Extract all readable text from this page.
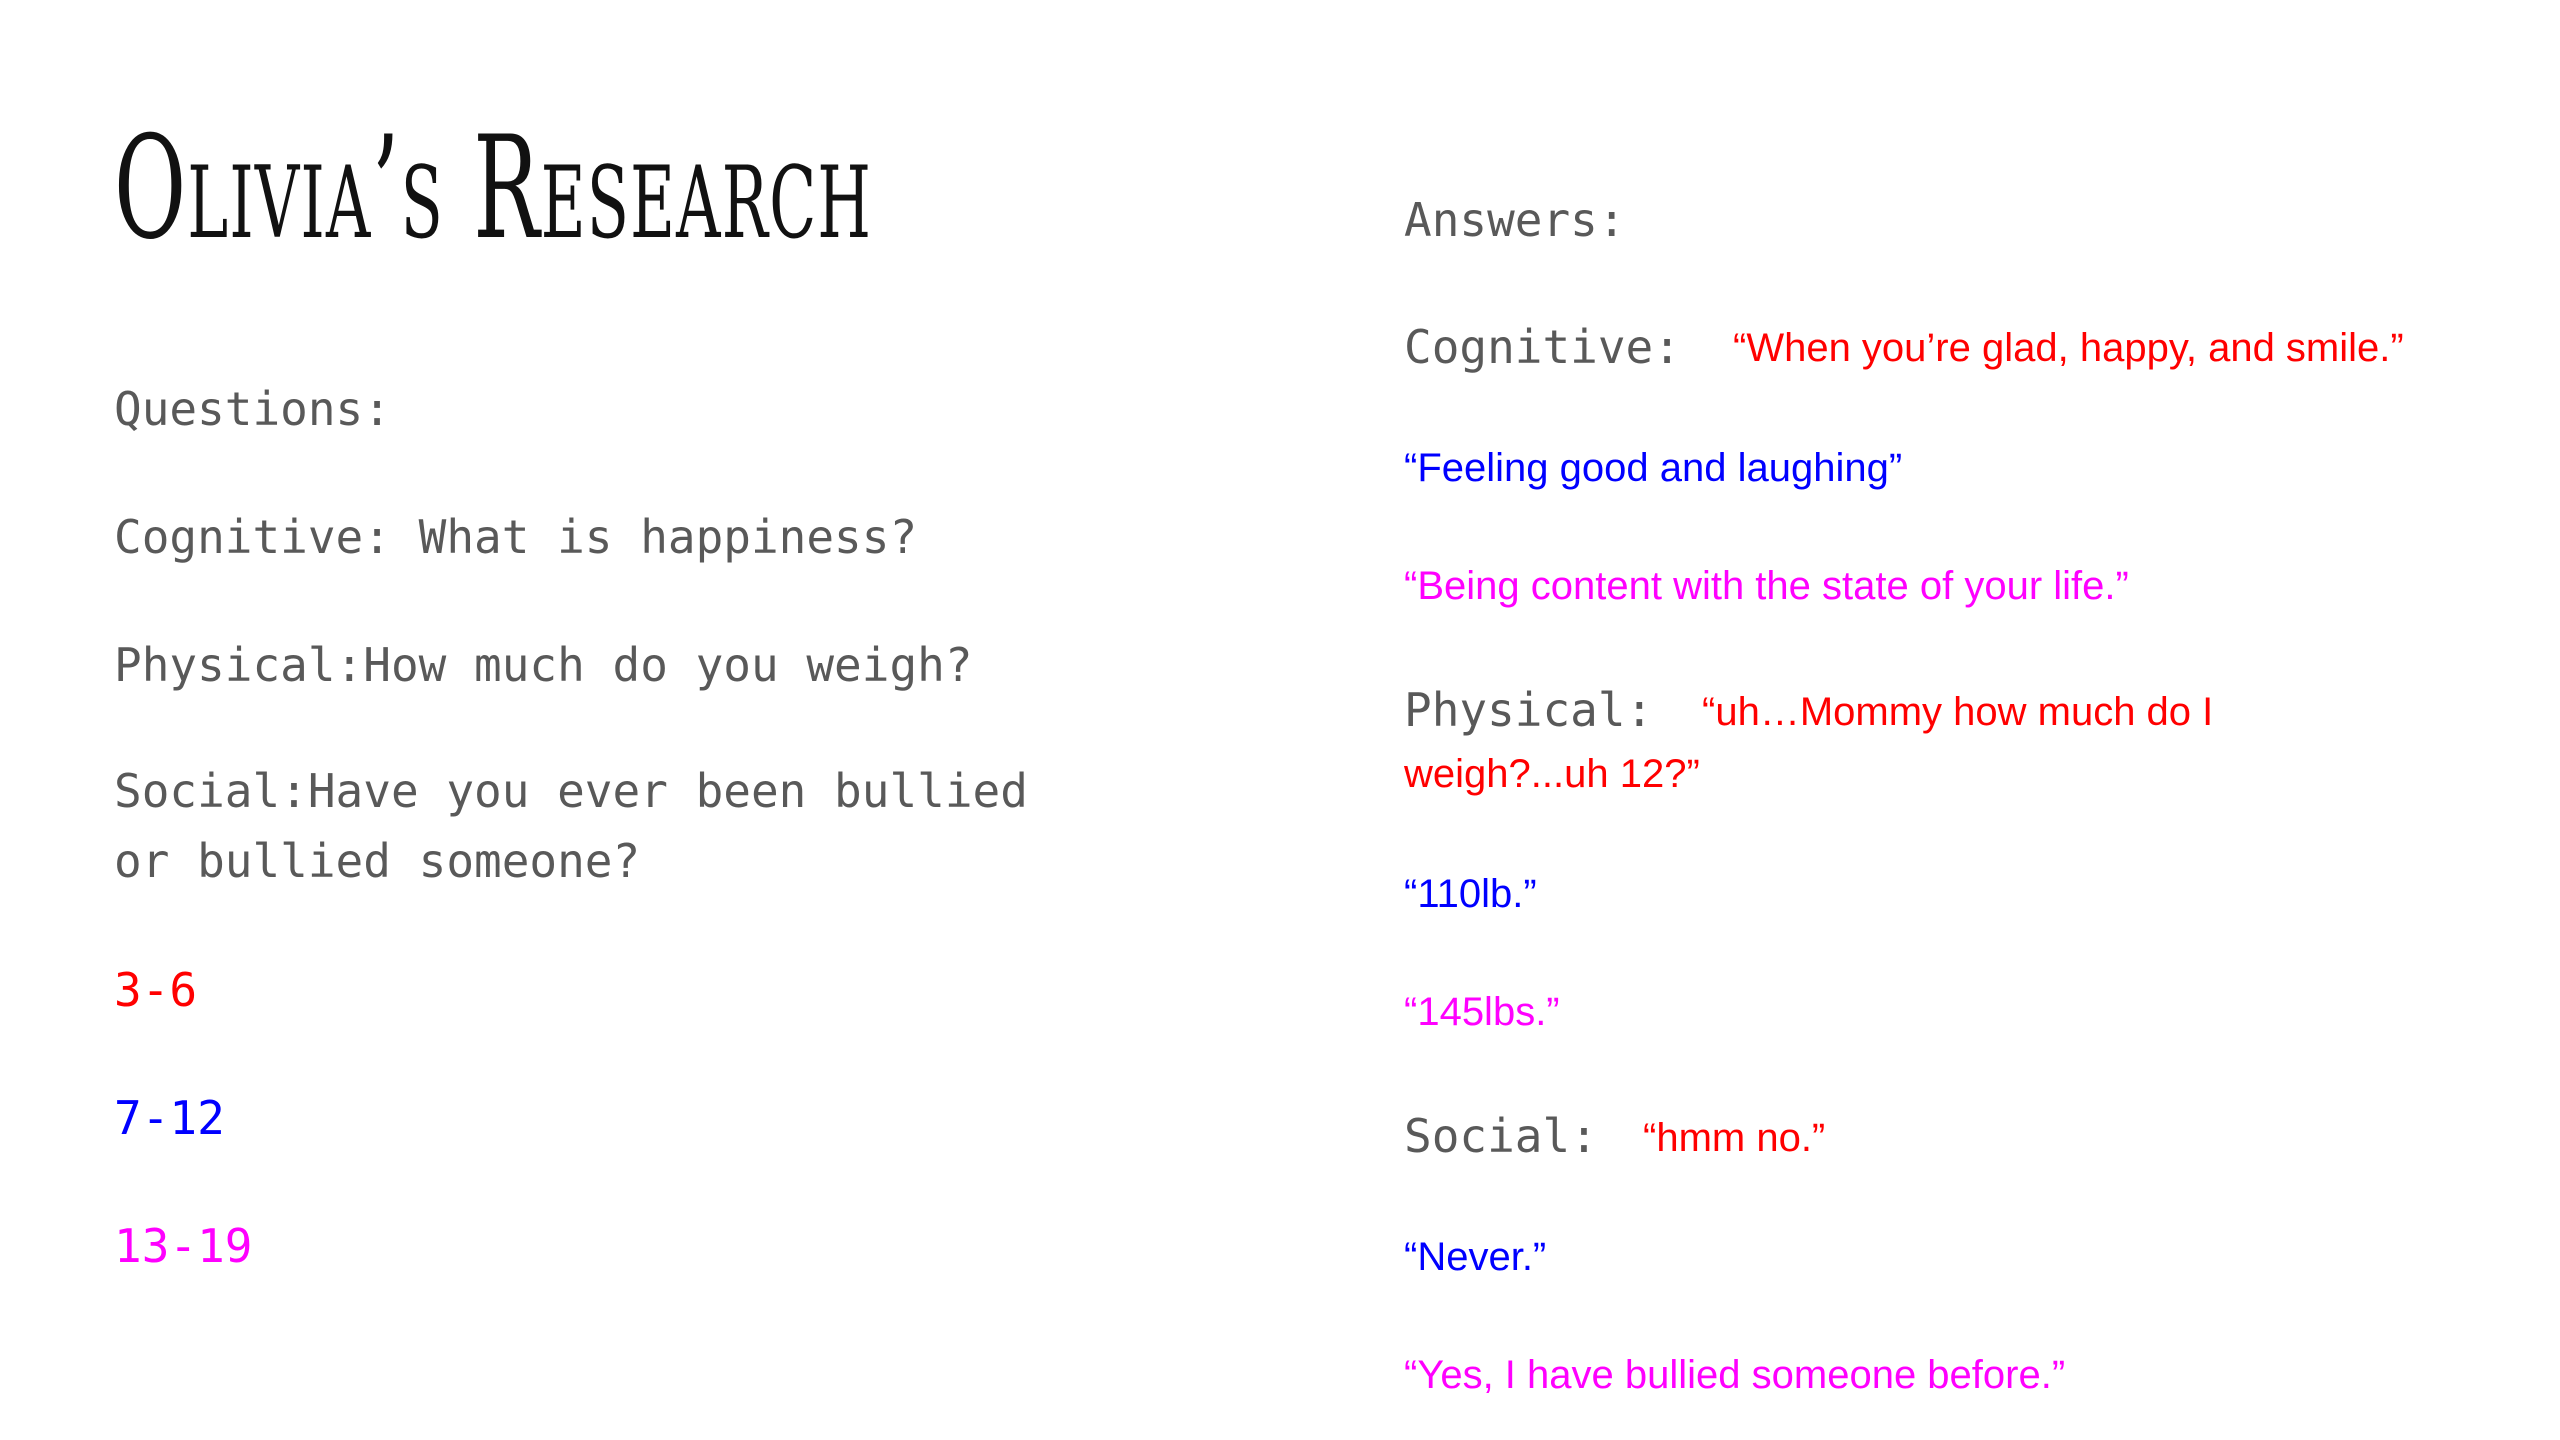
Olivia’s Research
Questions:
Cognitive: What is happiness?
Physical:How much do you weigh?
Social:Have you ever been bullied
or bullied someone?
3-6
7-12
13-19
Answers:
Cognitive: “When you’re glad, happy, and smile.”
“Feeling good and laughing”
“Being content with the state of your life.”
Physical: “uh…Mommy how much do I
weigh?...uh 12?”
“110lb.”
“145lbs.”
Social: “hmm no.”
“Never.”
“Yes, I have bullied someone before.”
